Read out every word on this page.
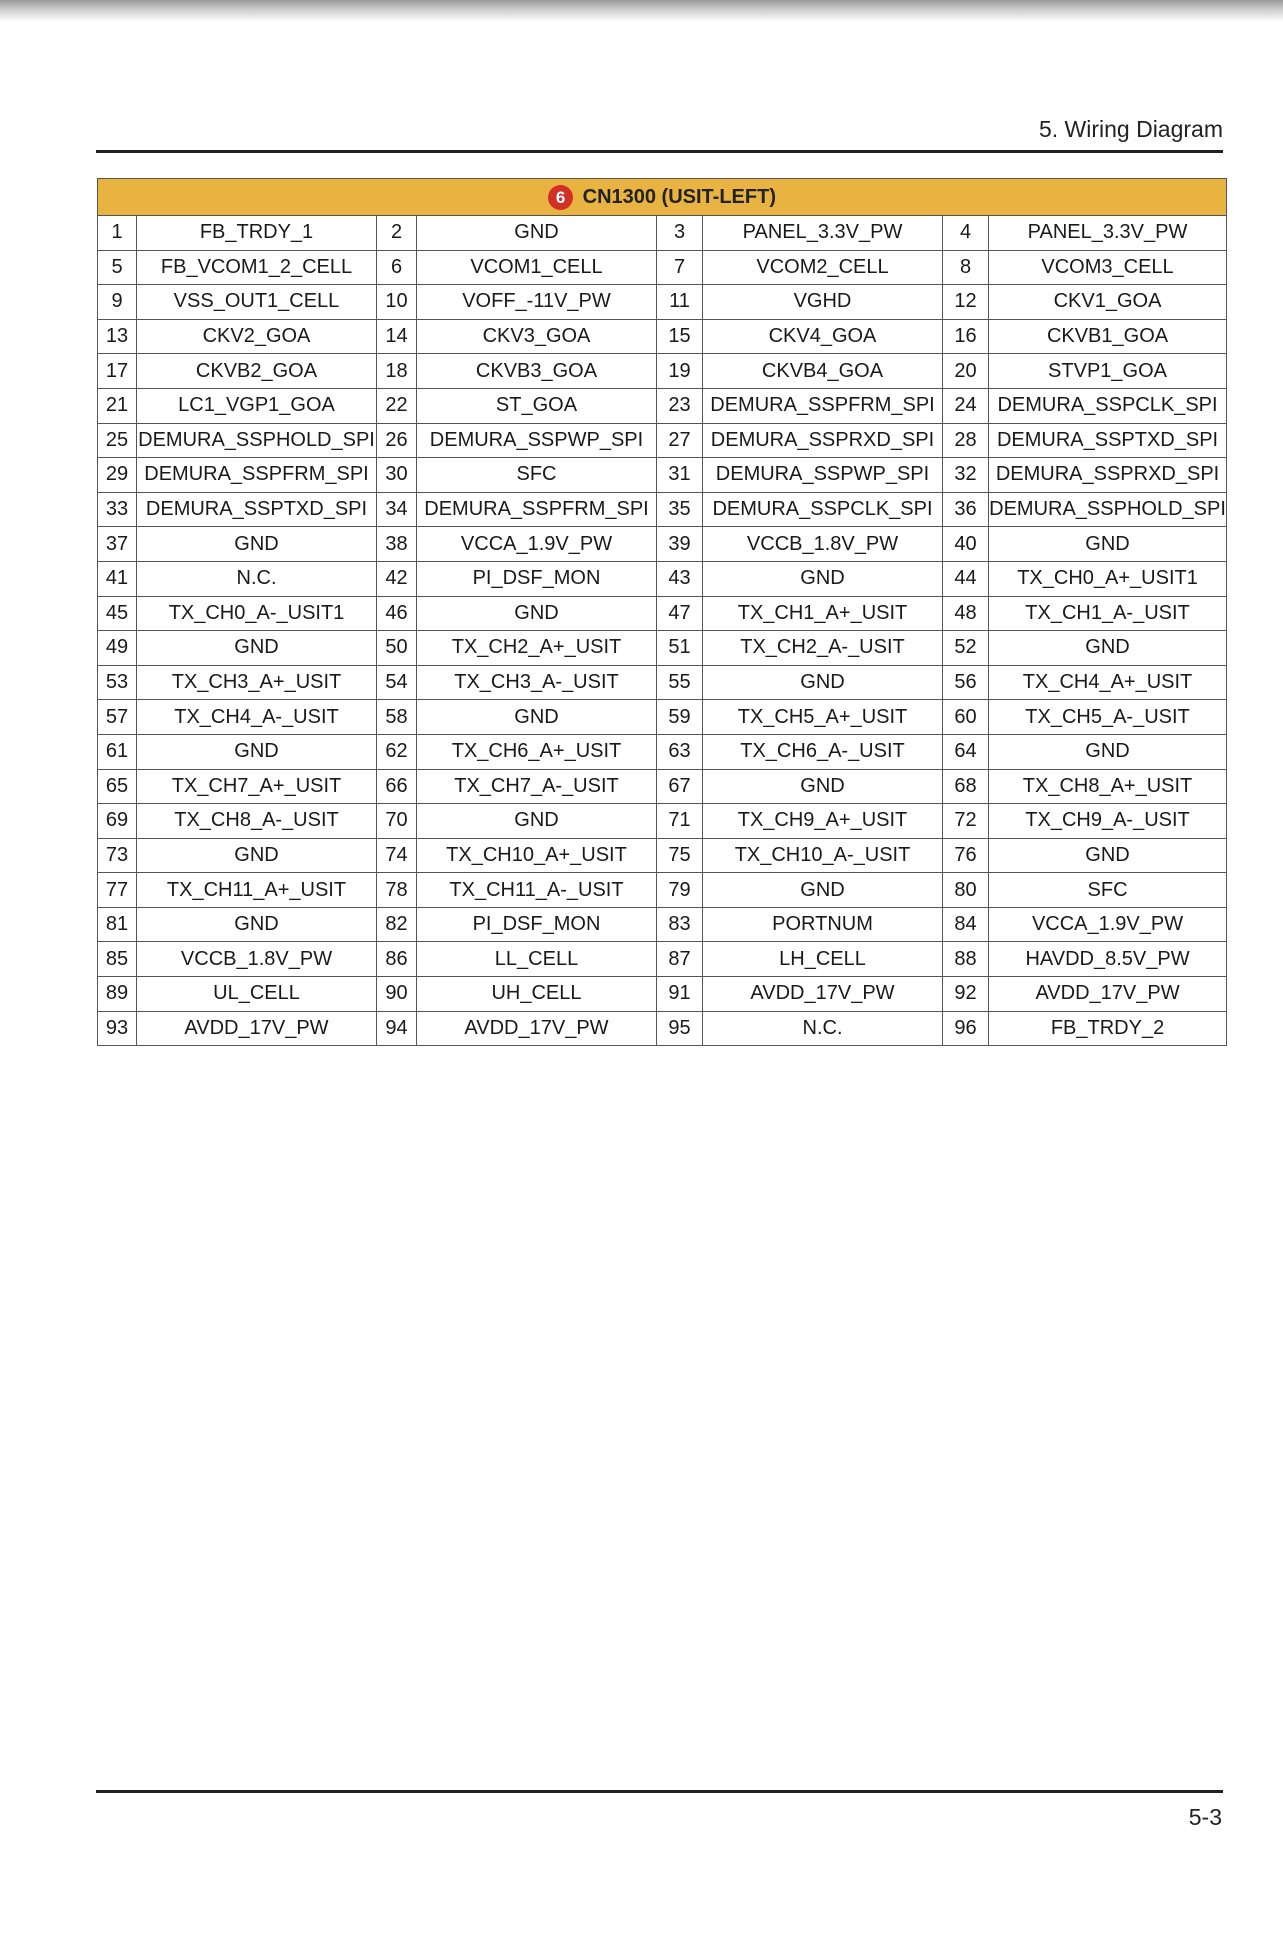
5. Wiring Diagram
6 CN1300 (USIT-LEFT)							
1	FB_TRDY_1	2	GND	3	PANEL_3.3V_PW	4	PANEL_3.3V_PW
5	FB_VCOM1_2_CELL	6	VCOM1_CELL	7	VCOM2_CELL	8	VCOM3_CELL
9	VSS_OUT1_CELL	10	VOFF_-11V_PW	11	VGHD	12	CKV1_GOA
13	CKV2_GOA	14	CKV3_GOA	15	CKV4_GOA	16	CKVB1_GOA
17	CKVB2_GOA	18	CKVB3_GOA	19	CKVB4_GOA	20	STVP1_GOA
21	LC1_VGP1_GOA	22	ST_GOA	23	DEMURA_SSPFRM_SPI	24	DEMURA_SSPCLK_SPI
25	DEMURA_SSPHOLD_SPI	26	DEMURA_SSPWP_SPI	27	DEMURA_SSPRXD_SPI	28	DEMURA_SSPTXD_SPI
29	DEMURA_SSPFRM_SPI	30	SFC	31	DEMURA_SSPWP_SPI	32	DEMURA_SSPRXD_SPI
33	DEMURA_SSPTXD_SPI	34	DEMURA_SSPFRM_SPI	35	DEMURA_SSPCLK_SPI	36	DEMURA_SSPHOLD_SPI
37	GND	38	VCCA_1.9V_PW	39	VCCB_1.8V_PW	40	GND
41	N.C.	42	PI_DSF_MON	43	GND	44	TX_CH0_A+_USIT1
45	TX_CH0_A-_USIT1	46	GND	47	TX_CH1_A+_USIT	48	TX_CH1_A-_USIT
49	GND	50	TX_CH2_A+_USIT	51	TX_CH2_A-_USIT	52	GND
53	TX_CH3_A+_USIT	54	TX_CH3_A-_USIT	55	GND	56	TX_CH4_A+_USIT
57	TX_CH4_A-_USIT	58	GND	59	TX_CH5_A+_USIT	60	TX_CH5_A-_USIT
61	GND	62	TX_CH6_A+_USIT	63	TX_CH6_A-_USIT	64	GND
65	TX_CH7_A+_USIT	66	TX_CH7_A-_USIT	67	GND	68	TX_CH8_A+_USIT
69	TX_CH8_A-_USIT	70	GND	71	TX_CH9_A+_USIT	72	TX_CH9_A-_USIT
73	GND	74	TX_CH10_A+_USIT	75	TX_CH10_A-_USIT	76	GND
77	TX_CH11_A+_USIT	78	TX_CH11_A-_USIT	79	GND	80	SFC
81	GND	82	PI_DSF_MON	83	PORTNUM	84	VCCA_1.9V_PW
85	VCCB_1.8V_PW	86	LL_CELL	87	LH_CELL	88	HAVDD_8.5V_PW
89	UL_CELL	90	UH_CELL	91	AVDD_17V_PW	92	AVDD_17V_PW
93	AVDD_17V_PW	94	AVDD_17V_PW	95	N.C.	96	FB_TRDY_2
5-3
